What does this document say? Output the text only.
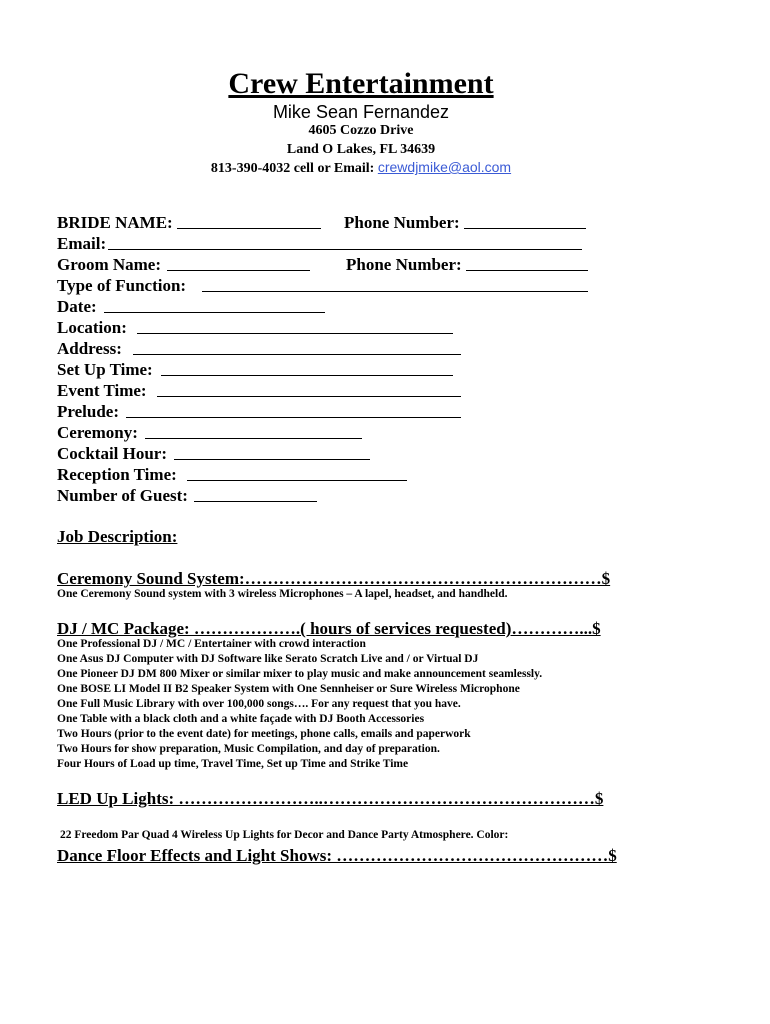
Crew Entertainment
Mike Sean Fernandez
4605 Cozzo Drive
Land O Lakes, FL 34639
813-390-4032 cell or Email: crewdjmike@aol.com
BRIDE NAME:	Phone Number:
Email:
Groom Name:	Phone Number:
Type of Function:
Date:
Location:
Address:
Set Up Time:
Event Time:
Prelude:
Ceremony:
Cocktail Hour:
Reception Time:
Number of Guest:
Job Description:
Ceremony Sound System:………………………………………………………$
One Ceremony Sound system with 3 wireless Microphones – A lapel, headset, and handheld.
DJ / MC Package: ……………….( hours of services requested)…………...$
One Professional DJ / MC / Entertainer with crowd interaction
One Asus DJ Computer with DJ Software like Serato Scratch Live and / or Virtual DJ
One Pioneer DJ DM 800 Mixer or similar mixer to play music and make announcement seamlessly.
One BOSE LI Model II B2 Speaker System with One Sennheiser or Sure Wireless Microphone
One Full Music Library with over 100,000 songs…. For any request that you have.
One Table with a black cloth and a white façade with DJ Booth Accessories
Two Hours (prior to the event date) for meetings, phone calls, emails and paperwork
Two Hours for show preparation, Music Compilation, and day of preparation.
Four Hours of Load up time, Travel Time, Set up Time and Strike Time
LED Up Lights: ……………………..…………………………………………$
22 Freedom Par Quad 4 Wireless Up Lights for Decor and Dance Party Atmosphere. Color:
Dance Floor Effects and Light Shows: …………………………………………$
